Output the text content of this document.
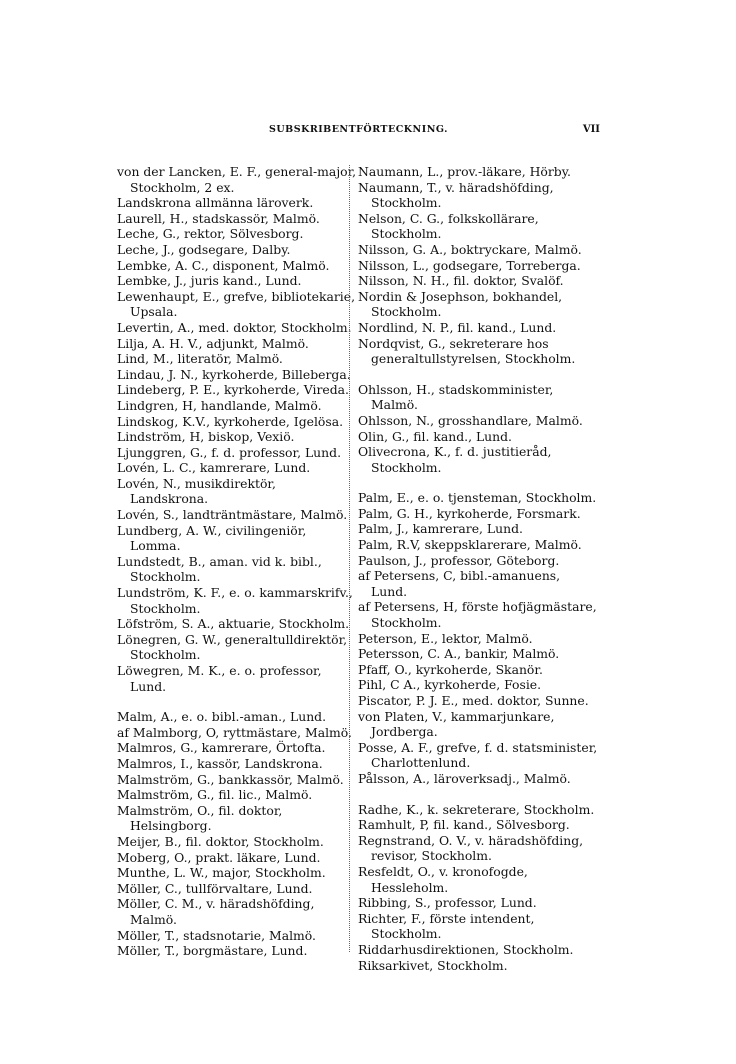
SUBSKRIBENTFÖRTECKNING.	VII

von der Lancken, E. F., general-major, Stockholm, 2 ex.

Landskrona allmänna läroverk.

Laurell, H., stadskassör, Malmö.

Leche, G., rektor, Sölvesborg.

Leche, J., godsegare, Dalby.

Lembke, A. C., disponent, Malmö.

Lembke, J., juris kand., Lund.

Lewenhaupt, E., grefve, bibliotekarie, Upsala.

Levertin, A., med. doktor, Stockholm.

Lilja, A. H. V., adjunkt, Malmö.

Lind, M., literatör, Malmö.

Lindau, J. N., kyrkoherde, Billeberga.

Lindeberg, P. E., kyrkoherde, Vireda.

Lindgren, H, handlande, Malmö.

Lindskog, K.V., kyrkoherde, Igelösa.

Lindström, H, biskop, Vexiö.

Ljunggren, G., f. d. professor, Lund.

Lovén, L. C., kamrerare, Lund.

Lovén, N., musikdirektör, Landskrona.

Lovén, S., landträntmästare, Malmö.

Lundberg, A. W., civilingeniör, Lomma.

Lundstedt, B., aman. vid k. bibl., Stockholm.

Lundström, K. F., e. o. kammarskrifv., Stockholm.

Löfström, S. A., aktuarie, Stockholm.

Lönegren, G. W., generaltulldirektör, Stockholm.

Löwegren, M. K., e. o. professor, Lund.

Malm, A., e. o. bibl.-aman., Lund.

af Malmborg, O, ryttmästare, Malmö.

Malmros, G., kamrerare, Örtofta.

Malmros, I., kassör, Landskrona.

Malmström, G., bankkassör, Malmö.

Malmström, G., fil. lic., Malmö.

Malmström, O., fil. doktor, Helsingborg.

Meijer, B., fil. doktor, Stockholm.

Moberg, O., prakt. läkare, Lund.

Munthe, L. W., major, Stockholm.

Möller, C., tullförvaltare, Lund.

Möller, C. M., v. häradshöfding, Malmö.

Möller, T., stadsnotarie, Malmö.

Möller, T., borgmästare, Lund.

Naumann, L., prov.-läkare, Hörby.

Naumann, T., v. häradshöfding, Stockholm.

Nelson, C. G., folkskollärare, Stockholm.

Nilsson, G. A., boktryckare, Malmö.

Nilsson, L., godsegare, Torreberga.

Nilsson, N. H., fil. doktor, Svalöf.

Nordin & Josephson, bokhandel, Stockholm.

Nordlind, N. P., fil. kand., Lund.

Nordqvist, G., sekreterare hos generaltullstyrelsen, Stockholm.

Ohlsson, H., stadskomminister, Malmö.

Ohlsson, N., grosshandlare, Malmö.

Olin, G., fil. kand., Lund.

Olivecrona, K., f. d. justitieråd, Stockholm.

Palm, E., e. o. tjensteman, Stockholm.

Palm, G. H., kyrkoherde, Forsmark.

Palm, J., kamrerare, Lund.

Palm, R.V, skeppsklarerare, Malmö.

Paulson, J., professor, Göteborg.

af Petersens, C, bibl.-amanuens, Lund.

af Petersens, H, förste hofjägmästare, Stockholm.

Peterson, E., lektor, Malmö.

Petersson, C. A., bankir, Malmö.

Pfaff, O., kyrkoherde, Skanör.

Pihl, C A., kyrkoherde, Fosie.

Piscator, P. J. E., med. doktor, Sunne.

von Platen, V., kammarjunkare, Jordberga.

Posse, A. F., grefve, f. d. statsminister, Charlottenlund.

Pålsson, A., läroverksadj., Malmö.

Radhe, K., k. sekreterare, Stockholm.

Ramhult, P, fil. kand., Sölvesborg.

Regnstrand, O. V., v. häradshöfding, revisor, Stockholm.

Resfeldt, O., v. kronofogde, Hessleholm.

Ribbing, S., professor, Lund.

Richter, F., förste intendent, Stockholm.

Riddarhusdirektionen, Stockholm.

Riksarkivet, Stockholm.
